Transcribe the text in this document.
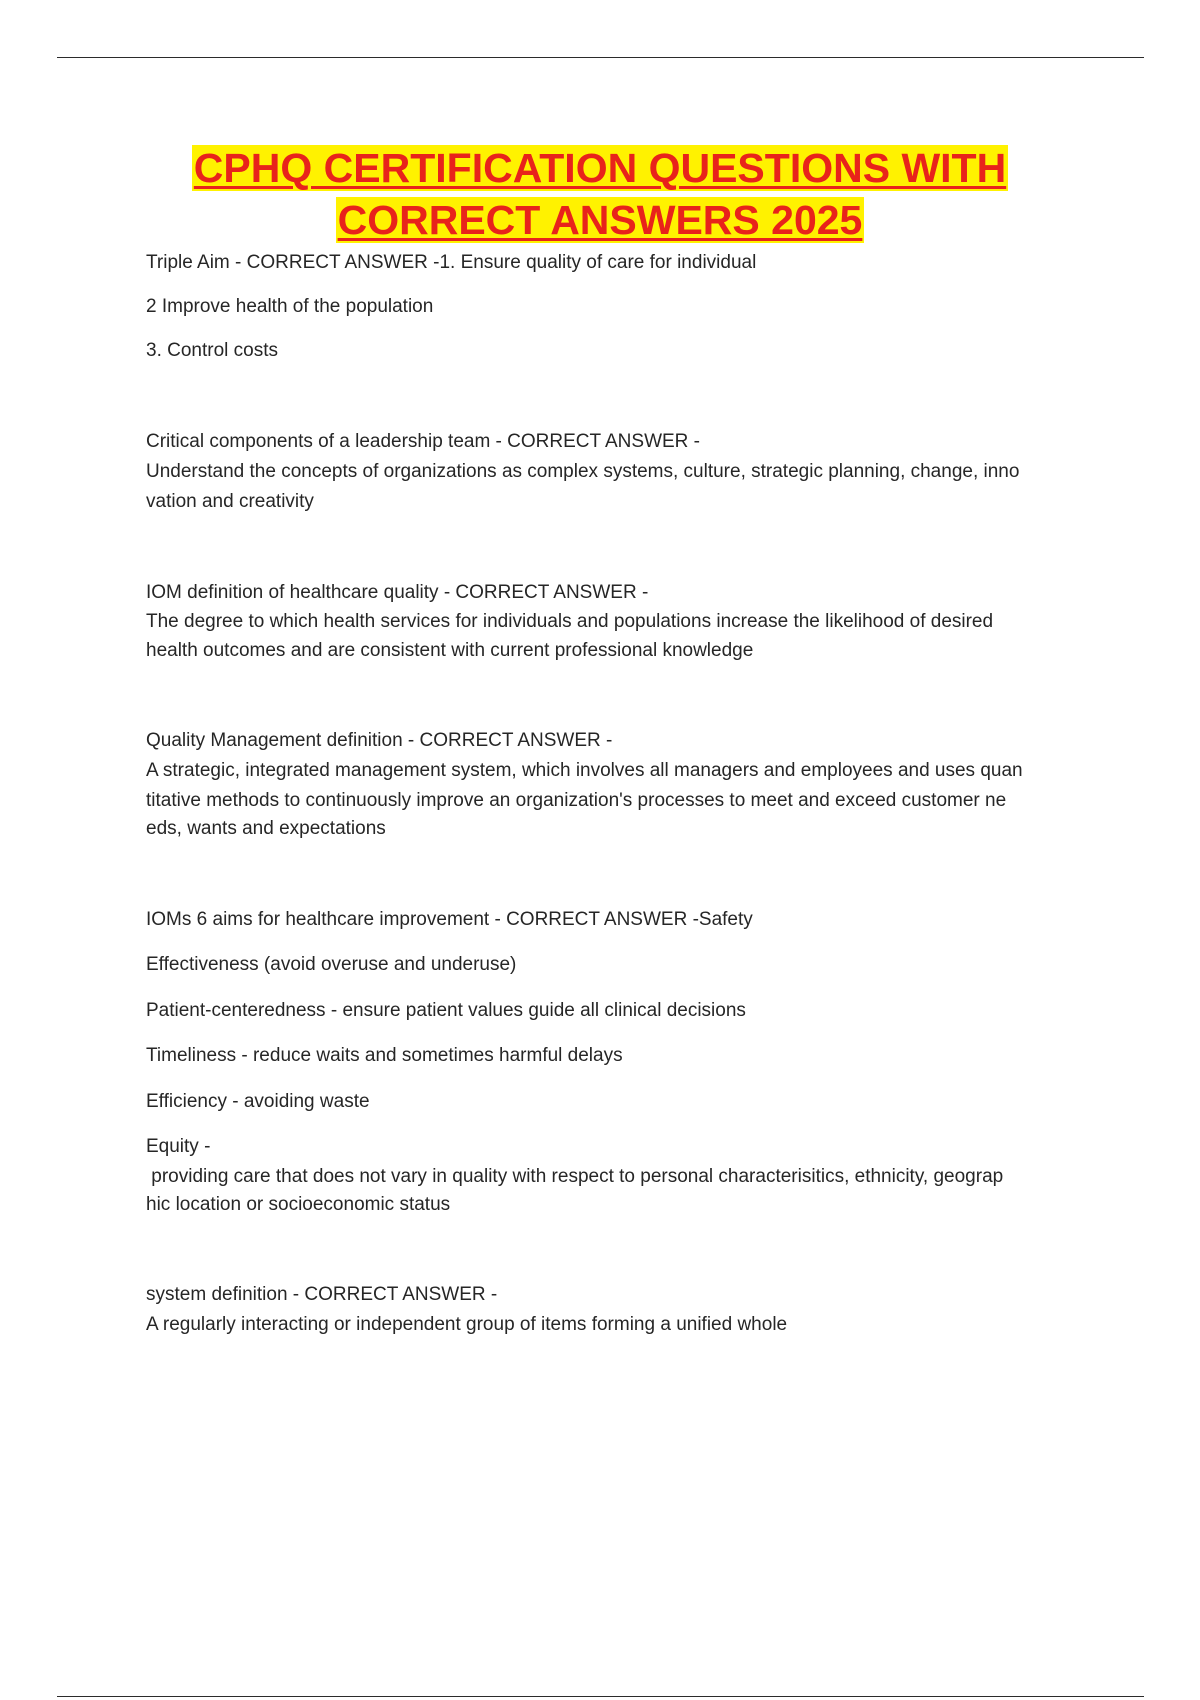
CPHQ CERTIFICATION QUESTIONS WITH
CORRECT ANSWERS 2025
Triple Aim - CORRECT ANSWER -1. Ensure quality of care for individual
2 Improve health of the population
3. Control costs
Critical components of a leadership team - CORRECT ANSWER -
Understand the concepts of organizations as complex systems, culture, strategic planning, change, inno
vation and creativity
IOM definition of healthcare quality - CORRECT ANSWER -
The degree to which health services for individuals and populations increase the likelihood of desired
health outcomes and are consistent with current professional knowledge
Quality Management definition - CORRECT ANSWER -
A strategic, integrated management system, which involves all managers and employees and uses quan
titative methods to continuously improve an organization's processes to meet and exceed customer ne
eds, wants and expectations
IOMs 6 aims for healthcare improvement - CORRECT ANSWER -Safety
Effectiveness (avoid overuse and underuse)
Patient-centeredness - ensure patient values guide all clinical decisions
Timeliness - reduce waits and sometimes harmful delays
Efficiency - avoiding waste
Equity -
providing care that does not vary in quality with respect to personal characterisitics, ethnicity, geograp
hic location or socioeconomic status
system definition - CORRECT ANSWER -
A regularly interacting or independent group of items forming a unified whole
